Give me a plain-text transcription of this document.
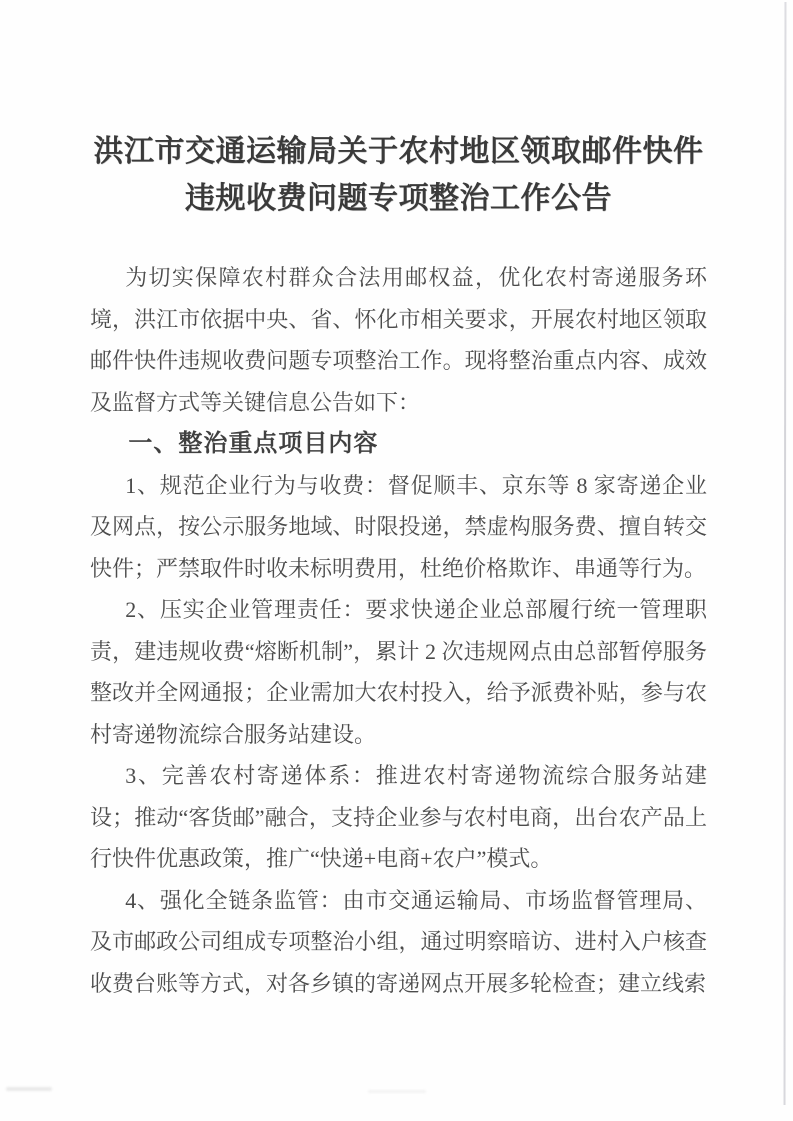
洪江市交通运输局关于农村地区领取邮件快件
违规收费问题专项整治工作公告

为切实保障农村群众合法用邮权益，优化农村寄递服务环境，洪江市依据中央、省、怀化市相关要求，开展农村地区领取邮件快件违规收费问题专项整治工作。现将整治重点内容、成效及监督方式等关键信息公告如下：

一、整治重点项目内容

1、规范企业行为与收费：督促顺丰、京东等 8 家寄递企业及网点，按公示服务地域、时限投递，禁虚构服务费、擅自转交快件；严禁取件时收未标明费用，杜绝价格欺诈、串通等行为。

2、压实企业管理责任：要求快递企业总部履行统一管理职责，建违规收费“熔断机制”，累计 2 次违规网点由总部暂停服务整改并全网通报；企业需加大农村投入，给予派费补贴，参与农村寄递物流综合服务站建设。

3、完善农村寄递体系：推进农村寄递物流综合服务站建设；推动“客货邮”融合，支持企业参与农村电商，出台农产品上行快件优惠政策，推广“快递+电商+农户”模式。

4、强化全链条监管：由市交通运输局、市场监督管理局、及市邮政公司组成专项整治小组，通过明察暗访、进村入户核查收费台账等方式，对各乡镇的寄递网点开展多轮检查；建立线索
